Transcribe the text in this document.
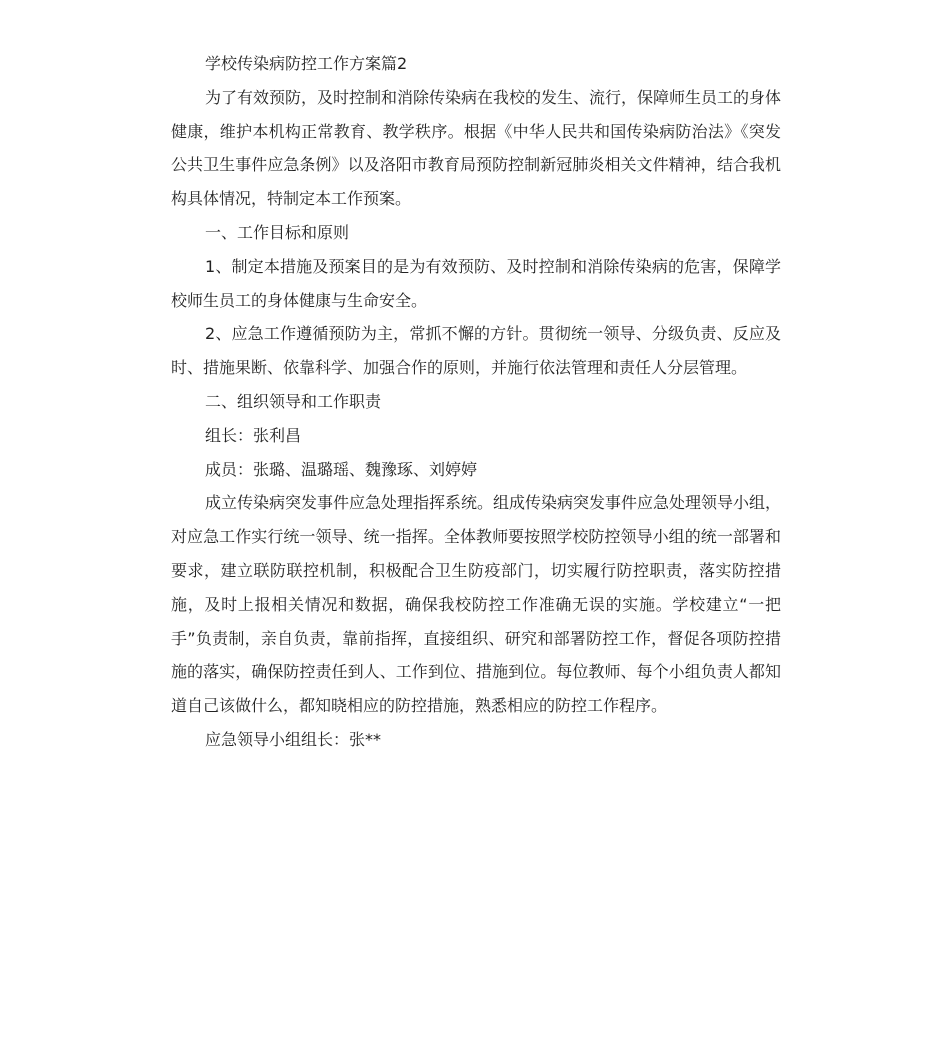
学校传染病防控工作方案篇2

为了有效预防，及时控制和消除传染病在我校的发生、流行，保障师生员工的身体健康，维护本机构正常教育、教学秩序。根据《中华人民共和国传染病防治法》《突发公共卫生事件应急条例》以及洛阳市教育局预防控制新冠肺炎相关文件精神，结合我机构具体情况，特制定本工作预案。

一、工作目标和原则

1、制定本措施及预案目的是为有效预防、及时控制和消除传染病的危害，保障学校师生员工的身体健康与生命安全。

2、应急工作遵循预防为主，常抓不懈的方针。贯彻统一领导、分级负责、反应及时、措施果断、依靠科学、加强合作的原则，并施行依法管理和责任人分层管理。

二、组织领导和工作职责

组长：张利昌

成员：张璐、温璐瑶、魏豫琢、刘婷婷

成立传染病突发事件应急处理指挥系统。组成传染病突发事件应急处理领导小组，对应急工作实行统一领导、统一指挥。全体教师要按照学校防控领导小组的统一部署和要求，建立联防联控机制，积极配合卫生防疫部门，切实履行防控职责，落实防控措施，及时上报相关情况和数据，确保我校防控工作准确无误的实施。学校建立“一把手”负责制，亲自负责，靠前指挥，直接组织、研究和部署防控工作，督促各项防控措施的落实，确保防控责任到人、工作到位、措施到位。每位教师、每个小组负责人都知道自己该做什么，都知晓相应的防控措施，熟悉相应的防控工作程序。

应急领导小组组长：张**
